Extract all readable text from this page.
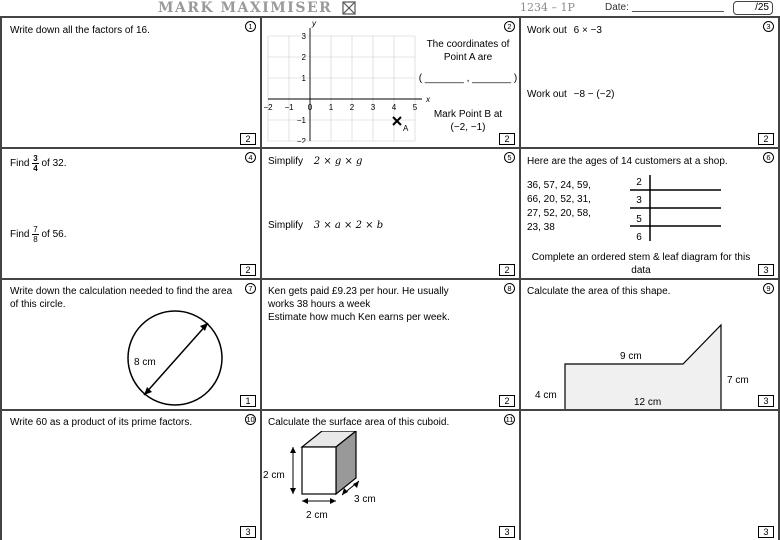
MARK MAXIMISER	1234 – 1P	Date:	/25
Write down all the factors of 16.	1
2
x
y
−2 −1 0 1 2 3 4 5
3
2
1
−1
−2
A
The coordinates of Point A are
( _______ , _______ )
Mark Point B at
(−2, −1)
2
2
Work out 6 × −3
Work out −8 − (−2)
3
2
Find $\frac{3}{4}$ of 32.
Find $\frac{7}{8}$ of 56.
4
2
Simplify 2 × g × g
Simplify 3 × a × 2 × b
5
2
Here are the ages of 14 customers at a shop.
36, 57, 24, 59,
66, 20, 52, 31,
27, 52, 20, 58,
23, 38
2
3
5
6
Complete an ordered stem & leaf diagram for this data
6
3
Write down the calculation needed to find the area of this circle.
8 cm
7
1
Ken gets paid £9.23 per hour. He usually
works 38 hours a week
Estimate how much Ken earns per week.
8
2
Calculate the area of this shape.
9 cm
7 cm
4 cm
12 cm
9
3
Write 60 as a product of its prime factors.	10
3
Calculate the surface area of this cuboid.
2 cm
3 cm
2 cm
11
3	3
